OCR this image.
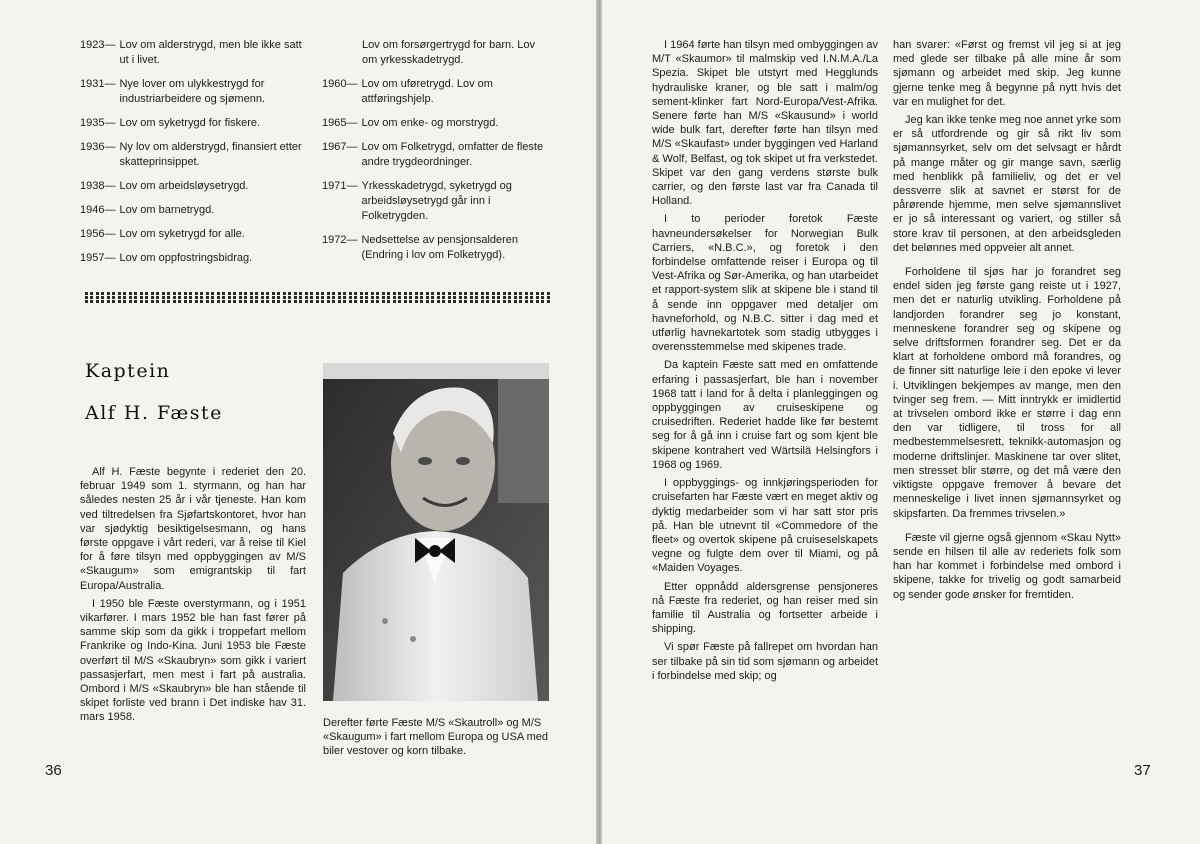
1923 — Lov om alderstrygd, men ble ikke satt ut i livet.
1931 — Nye lover om ulykkestrygd for industriarbeidere og sjømenn.
1935 — Lov om syketrygd for fiskere.
1936 — Ny lov om alderstrygd, finansiert etter skatteprinsippet.
1938 — Lov om arbeidsløysetrygd.
1946 — Lov om barnetrygd.
1956 — Lov om syketrygd for alle.
1957 — Lov om oppfostringsbidrag.
Lov om forsørgertrygd for barn. Lov om yrkesskadetrygd.
1960 — Lov om uføretrygd. Lov om attføringshjelp.
1965 — Lov om enke- og morstrygd.
1967 — Lov om Folketrygd, omfatter de fleste andre trygdeordninger.
1971 — Yrkesskadetrygd, syketrygd og arbeidsløysetrygd går inn i Folketrygden.
1972 — Nedsettelse av pensjonsalderen (Endring i lov om Folketrygd).
Kaptein
Alf H. Fæste

Alf H. Fæste begynte i rederiet den 20. februar 1949 som 1. styrmann, og han har således nesten 25 år i vår tjeneste. Han kom ved tiltredelsen fra Sjøfartskontoret, hvor han var sjødyktig besiktigelsesmann, og hans første oppgave i vårt rederi, var å reise til Kiel for å føre tilsyn med oppbyggingen av M/S «Skaugum» som emigrantskip til fart Europa/Australia.

I 1950 ble Fæste overstyrmann, og i 1951 vikarfører. I mars 1952 ble han fast fører på samme skip som da gikk i troppefart mellom Frankrike og Indo-Kina. Juni 1953 ble Fæste overført til M/S «Skaubryn» som gikk i variert passasjerfart, men mest i fart på australia. Ombord i M/S «Skaubryn» ble han stående til skipet forliste ved brann i Det indiske hav 31. mars 1958.	Derefter førte Fæste M/S «Skautroll» og M/S «Skaugum» i fart mellom Europa og USA med biler vestover og korn tilbake.

36

I 1964 førte han tilsyn med ombyggingen av M/T «Skaumor» til malmskip ved I.N.M.A./La Spezia. Skipet ble utstyrt med Hegglunds hydrauliske kraner, og ble satt i malm/og sement-klinker fart Nord-Europa/Vest-Afrika. Senere førte han M/S «Skausund» i world wide bulk fart, derefter førte han tilsyn med M/S «Skaufast» under byggingen ved Harland & Wolf, Belfast, og tok skipet ut fra verkstedet. Skipet var den gang verdens største bulk carrier, og den første last var fra Canada til Holland.

I to perioder foretok Fæste havneundersøkelser for Norwegian Bulk Carriers, «N.B.C.», og foretok i den forbindelse omfattende reiser i Europa og til Vest-Afrika og Sør-Amerika, og han utarbeidet et rapport-system slik at skipene ble i stand til å sende inn oppgaver med detaljer om havneforhold, og N.B.C. sitter i dag med et utførlig havnekartotek som stadig utbygges i overensstemmelse med skipenes trade.

Da kaptein Fæste satt med en omfattende erfaring i passasjerfart, ble han i november 1968 tatt i land for å delta i planleggingen og oppbyggingen av cruiseskipene og cruisedriften. Rederiet hadde like før bestemt seg for å gå inn i cruise fart og som kjent ble skipene kontrahert ved Wärtsilä Helsingfors i 1968 og 1969.

I oppbyggings- og innkjøringsperioden for cruisefarten har Fæste vært en meget aktiv og dyktig medarbeider som vi har satt stor pris på. Han ble utnevnt til «Commedore of the fleet» og overtok skipene på cruiseselskapets vegne og fulgte dem over til Miami, og på «Maiden Voyages.

Etter oppnådd aldersgrense pensjoneres nå Fæste fra rederiet, og han reiser med sin familie til Australia og fortsetter arbeide i shipping.

Vi spør Fæste på fallrepet om hvordan han ser tilbake på sin tid som sjømann og arbeidet i forbindelse med skip; og

han svarer: «Først og fremst vil jeg si at jeg med glede ser tilbake på alle mine år som sjømann og arbeidet med skip. Jeg kunne gjerne tenke meg å begynne på nytt hvis det var en mulighet for det.

Jeg kan ikke tenke meg noe annet yrke som er så utfordrende og gir så rikt liv som sjømannsyrket, selv om det selvsagt er hårdt på mange måter og gir mange savn, særlig med henblikk på familieliv, og det er vel dessverre slik at savnet er størst for de pårørende hjemme, men selve sjømannslivet er jo så interessant og variert, og stiller så store krav til personen, at den arbeidsgleden det belønnes med oppveier alt annet.

Forholdene til sjøs har jo forandret seg endel siden jeg første gang reiste ut i 1927, men det er naturlig utvikling. Forholdene på landjorden forandrer seg jo konstant, menneskene forandrer seg og skipene og selve driftsformen forandrer seg. Det er da klart at forholdene ombord må forandres, og de finner sitt naturlige leie i den epoke vi lever i. Utviklingen bekjempes av mange, men den tvinger seg frem. — Mitt inntrykk er imidlertid at trivselen ombord ikke er større i dag enn den var tidligere, til tross for all medbestemmelsesrett, teknikk-automasjon og moderne driftslinjer. Maskinene tar over slitet, men stresset blir større, og det må være den viktigste oppgave fremover å bevare det menneskelige i livet innen sjømannsyrket og skipsfarten. Da fremmes trivselen.»

Fæste vil gjerne også gjennom «Skau Nytt» sende en hilsen til alle av rederiets folk som han har kommet i forbindelse med ombord i skipene, takke for trivelig og godt samarbeid og sender gode ønsker for fremtiden.

37
